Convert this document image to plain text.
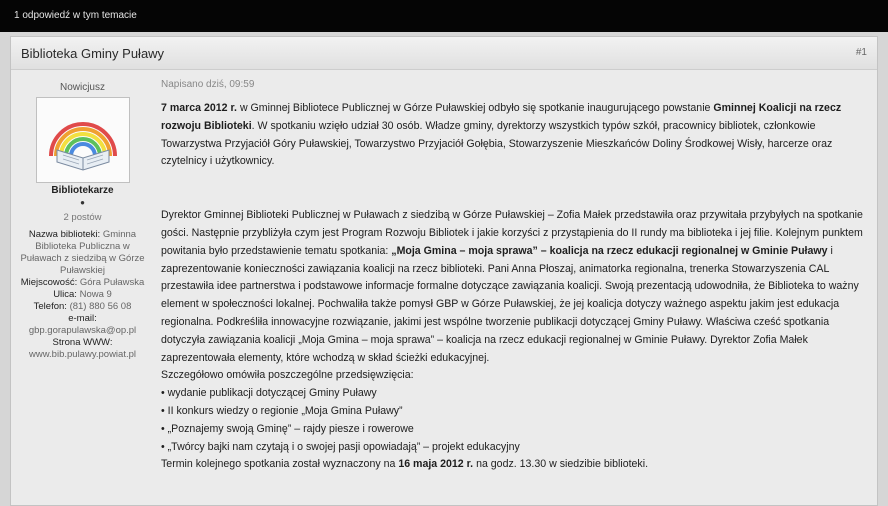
1 odpowiedź w tym temacie
Biblioteka Gminy Puławy	#1
Nowicjusz
Bibliotekarze
●
2 postów
Nazwa biblioteki: Gminna Biblioteka Publiczna w Puławach z siedzibą w Górze Puławskiej
Miejscowość: Góra Puławska
Ulica: Nowa 9
Telefon: (81) 880 56 08
e-mail: gbp.gorapulawska@op.pl
Strona WWW: www.bib.pulawy.powiat.pl
Napisano dziś, 09:59

7 marca 2012 r. w Gminnej Bibliotece Publicznej w Górze Puławskiej odbyło się spotkanie inaugurującego powstanie Gminnej Koalicji na rzecz rozwoju Biblioteki. W spotkaniu wzięło udział 30 osób. Władze gminy, dyrektorzy wszystkich typów szkół, pracownicy bibliotek, członkowie Towarzystwa Przyjaciół Góry Puławskiej, Towarzystwo Przyjaciół Gołębia, Stowarzyszenie Mieszkańców Doliny Środkowej Wisły, harcerze oraz czytelnicy i użytkownicy.

Dyrektor Gminnej Biblioteki Publicznej w Puławach z siedzibą w Górze Puławskiej – Zofia Małek przedstawiła oraz przywitała przybyłych na spotkanie gości. Następnie przybliżyła czym jest Program Rozwoju Bibliotek i jakie korzyści z przystąpienia do II rundy ma biblioteka i jej filie. Kolejnym punktem powitania było przedstawienie tematu spotkania: „Moja Gmina – moja sprawa” – koalicja na rzecz edukacji regionalnej w Gminie Puławy i zaprezentowanie konieczności zawiązania koalicji na rzecz biblioteki. Pani Anna Płoszaj, animatorka regionalna, trenerka Stowarzyszenia CAL przestawiła idee partnerstwa i podstawowe informacje formalne dotyczące zawiązania koalicji. Swoją prezentacją udowodniła, że Biblioteka to ważny element w społeczności lokalnej. Pochwaliła także pomysł GBP w Górze Puławskiej, że jej koalicja dotyczy ważnego aspektu jakim jest edukacja regionalna. Podkreśliła innowacyjne rozwiązanie, jakimi jest wspólne tworzenie publikacji dotyczącej Gminy Puławy. Właściwa cześć spotkania dotyczyła zawiązania koalicji „Moja Gmina – moja sprawa” – koalicja na rzecz edukacji regionalnej w Gminie Puławy. Dyrektor Zofia Małek zaprezentowała elementy, które wchodzą w skład ścieżki edukacyjnej.

Szczegółowo omówiła poszczególne przedsięwzięcia:

• wydanie publikacji dotyczącej Gminy Puławy

• II konkurs wiedzy o regionie „Moja Gmina Puławy”

• „Poznajemy swoją Gminę” – rajdy piesze i rowerowe

• „Twórcy bajki nam czytają i o swojej pasji opowiadają” – projekt edukacyjny

Termin kolejnego spotkania został wyznaczony na 16 maja 2012 r. na godz. 13.30 w siedzibie biblioteki.
